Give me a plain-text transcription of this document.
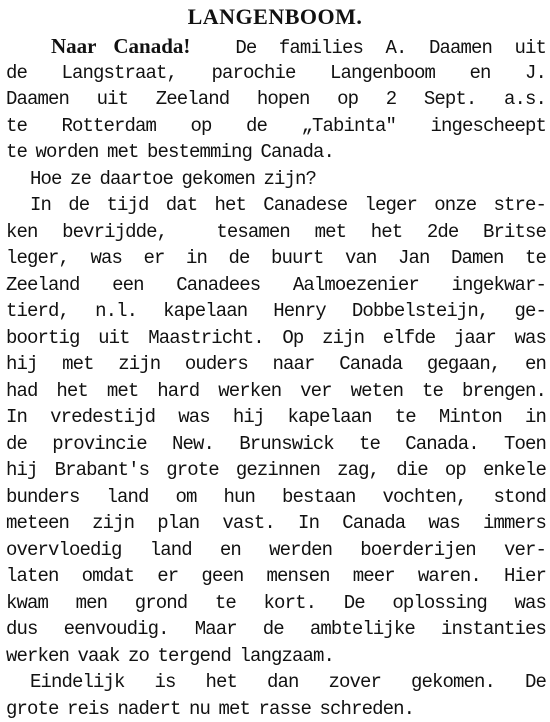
LANGENBOOM.
Naar Canada! De families A. Daamen uit
de Langstraat, parochie Langenboom en J.
Daamen uit Zeeland hopen op 2 Sept. a.s.
te Rotterdam op de „Tabinta" ingescheept
te worden met bestemming Canada.
Hoe ze daartoe gekomen zijn?
In de tijd dat het Canadese leger onze stre-
ken bevrijdde,  tesamen met het 2de Britse
leger, was er in de buurt van Jan Damen te
Zeeland een Canadees Aalmoezenier ingekwar-
tierd, n.l. kapelaan Henry Dobbelsteijn, ge-
boortig uit Maastricht. Op zijn elfde jaar was
hij met zijn ouders naar Canada gegaan, en
had het met hard werken ver weten te brengen.
In vredestijd was hij kapelaan te Minton in
de provincie New. Brunswick te Canada. Toen
hij Brabant's grote gezinnen zag, die op enkele
bunders land om hun bestaan vochten, stond
meteen zijn plan vast. In Canada was immers
overvloedig land en werden boerderijen ver-
laten omdat er geen mensen meer waren. Hier
kwam men grond te kort. De oplossing was
dus eenvoudig. Maar de ambtelijke instanties
werken vaak zo tergend langzaam.
Eindelijk is het dan zover gekomen. De
grote reis nadert nu met rasse schreden.
